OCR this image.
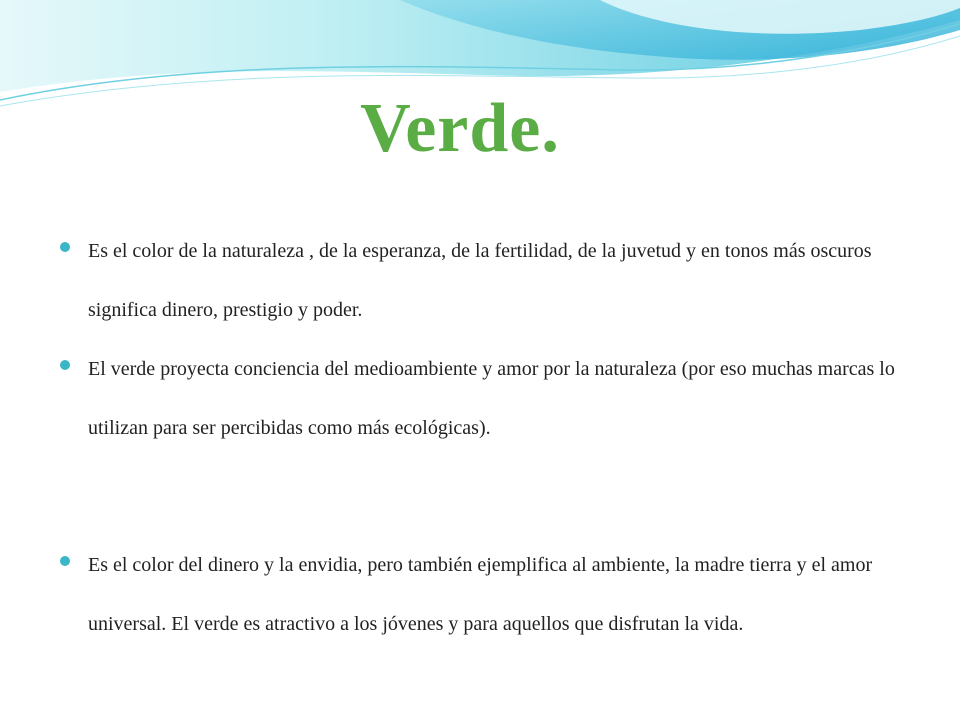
Verde.
Es el color de la naturaleza , de la esperanza, de la fertilidad, de la juvetud y en tonos más oscuros significa dinero, prestigio y poder.
El verde proyecta conciencia del medioambiente y amor por la naturaleza (por eso muchas marcas lo utilizan para ser percibidas como más ecológicas).
Es el color del dinero y la envidia, pero también ejemplifica al ambiente, la madre tierra y el amor universal. El verde es atractivo a los jóvenes y para aquellos que disfrutan la vida.
